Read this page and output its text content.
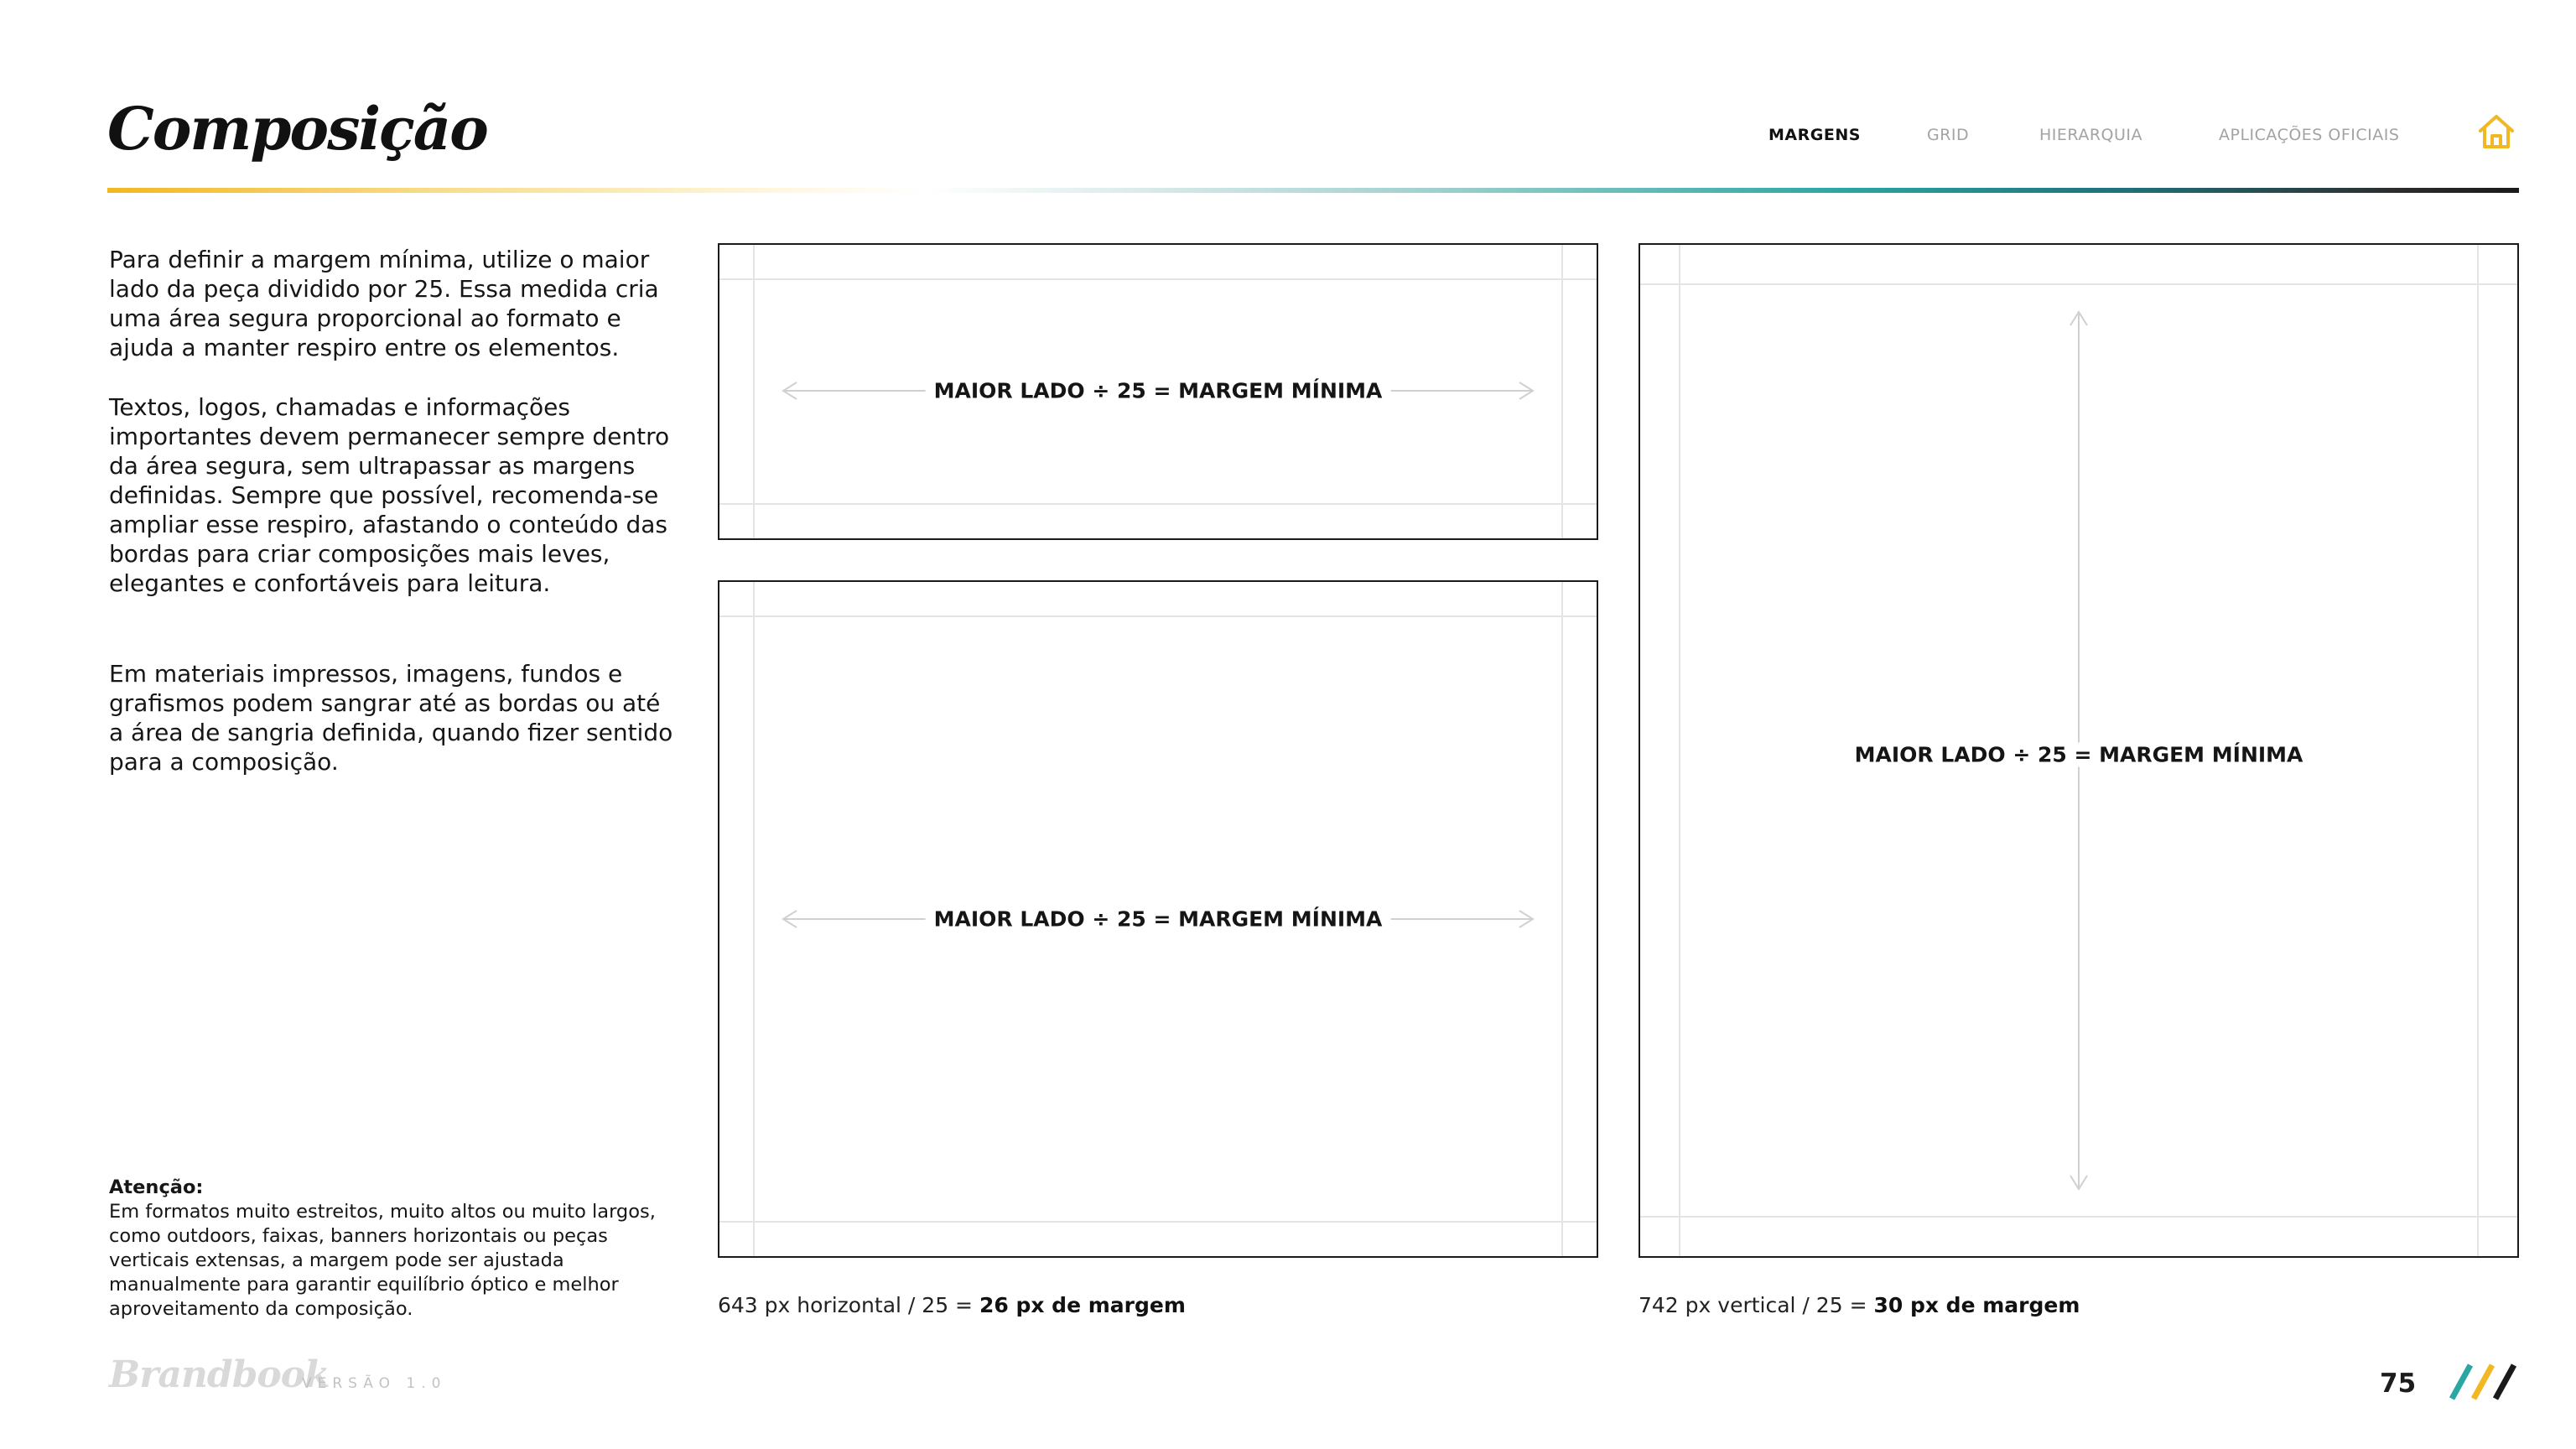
Composição	MARGENS	GRID	HIERARQUIA	APLICAÇÕES OFICIAIS
Para definir a margem mínima, utilize o maior lado da peça dividido por 25. Essa medida cria uma área segura proporcional ao formato e ajuda a manter respiro entre os elementos.
Textos, logos, chamadas e informações importantes devem permanecer sempre dentro da área segura, sem ultrapassar as margens definidas. Sempre que possível, recomenda-se ampliar esse respiro, afastando o conteúdo das bordas para criar composições mais leves, elegantes e confortáveis para leitura.
Em materiais impressos, imagens, fundos e grafismos podem sangrar até as bordas ou até a área de sangria definida, quando fizer sentido para a composição.
Atenção:
Em formatos muito estreitos, muito altos ou muito largos, como outdoors, faixas, banners horizontais ou peças verticais extensas, a margem pode ser ajustada manualmente para garantir equilíbrio óptico e melhor aproveitamento da composição.
MAIOR LADO ÷ 25 = MARGEM MÍNIMA
MAIOR LADO ÷ 25 = MARGEM MÍNIMA
MAIOR LADO ÷ 25 = MARGEM MÍNIMA
643 px horizontal / 25 = 26 px de margem	742 px vertical / 25 = 30 px de margem
Brandbook
VERSÃO 1.0	75
